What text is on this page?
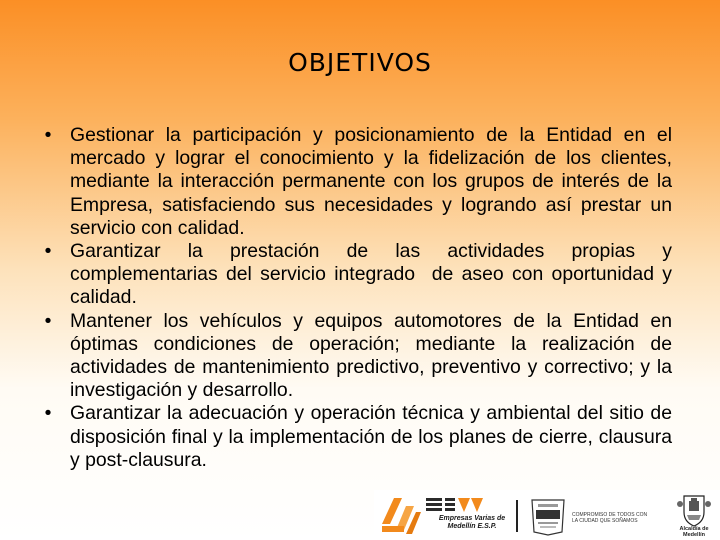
OBJETIVOS
• Gestionar la participación y posicionamiento de la Entidad en el mercado y lograr el conocimiento y la fidelización de los clientes, mediante la interacción permanente con los grupos de interés de la Empresa, satisfaciendo sus necesidades y logrando así prestar un servicio con calidad.
• Garantizar la prestación de las actividades propias y complementarias del servicio integrado  de aseo con oportunidad y calidad.
• Mantener los vehículos y equipos automotores de la Entidad en óptimas condiciones de operación; mediante la realización de actividades de mantenimiento predictivo, preventivo y correctivo; y la investigación y desarrollo.
• Garantizar la adecuación y operación técnica y ambiental del sitio de disposición final y la implementación de los planes de cierre, clausura y post-clausura.
Empresas Varias de Medellín E.S.P.
COMPROMISO DE TODOS CON LA CIUDAD QUE SOÑAMOS
Alcaldía de Medellín
